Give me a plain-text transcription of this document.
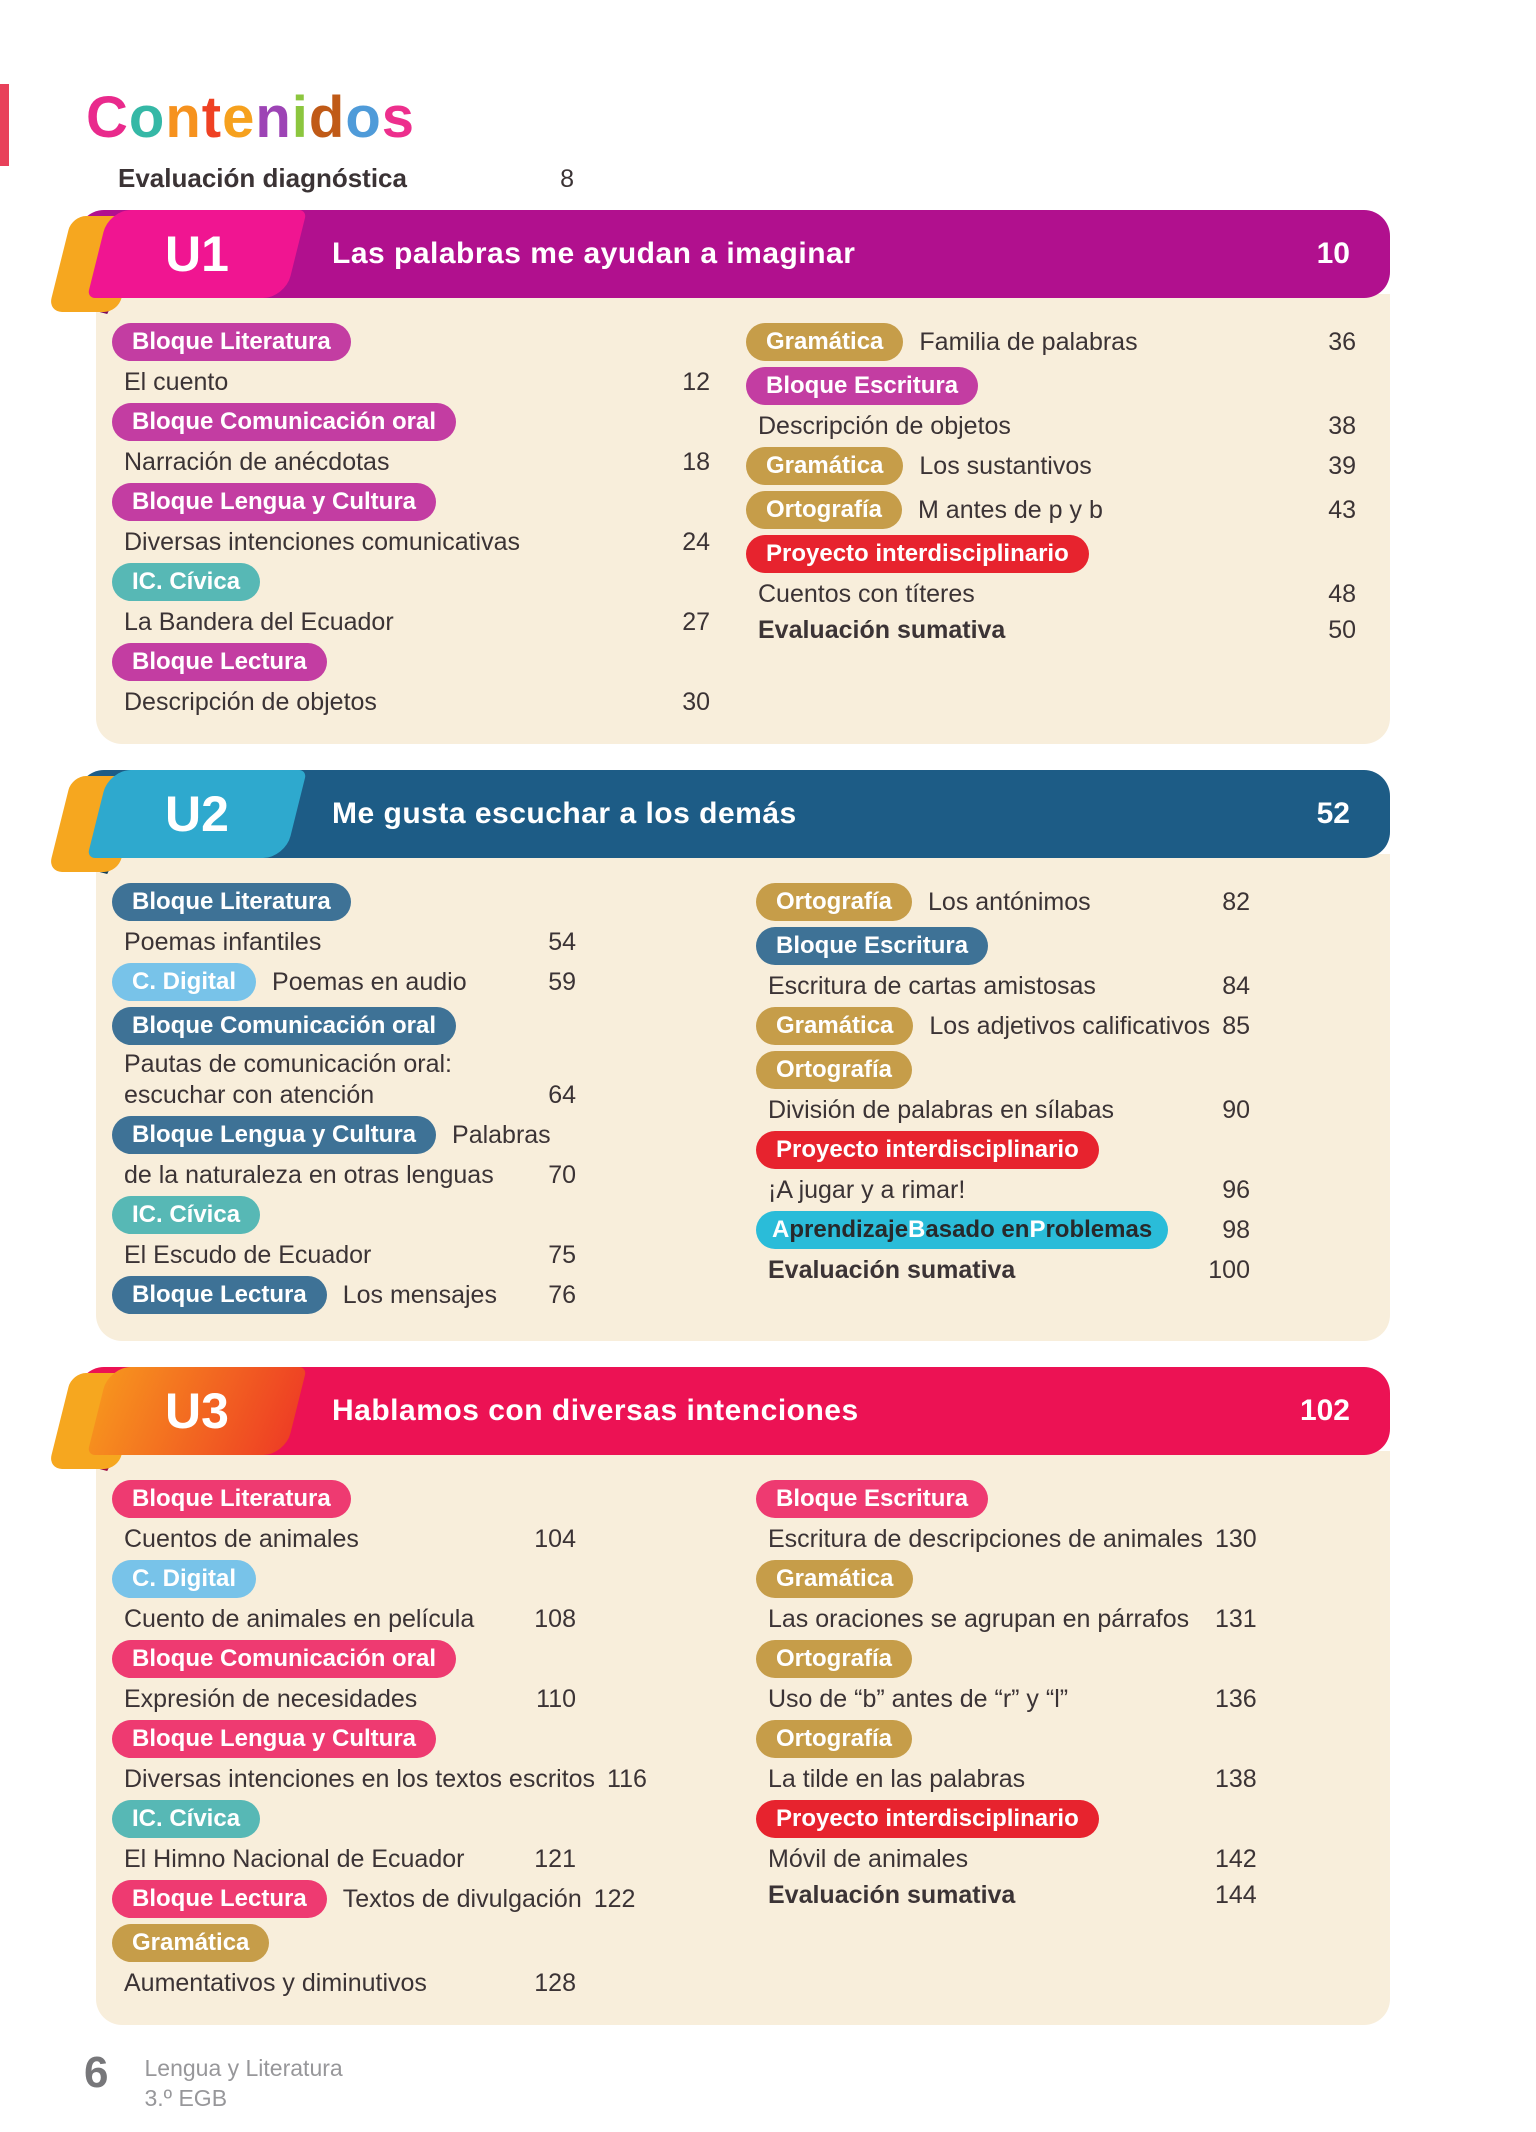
Contenidos
Evaluación diagnóstica	8
U1	Las palabras me ayudan a imaginar	10
Bloque Literatura
El cuento	12
Bloque Comunicación oral
Narración de anécdotas	18
Bloque Lengua y Cultura
Diversas intenciones comunicativas	24
IC. Cívica
La Bandera del Ecuador	27
Bloque Lectura
Descripción de objetos	30
Gramática	Familia de palabras	36
Bloque Escritura
Descripción de objetos	38
Gramática	Los sustantivos	39
Ortografía	M antes de p y b	43
Proyecto interdisciplinario
Cuentos con títeres	48
Evaluación sumativa	50
U2	Me gusta escuchar a los demás	52
Bloque Literatura
Poemas infantiles	54
C. Digital	Poemas en audio	59
Bloque Comunicación oral
Pautas de comunicación oral:
escuchar con atención	64
Bloque Lengua y Cultura	Palabras
de la naturaleza en otras lenguas	70
IC. Cívica
El Escudo de Ecuador	75
Bloque Lectura	Los mensajes	76
Ortografía	Los antónimos	82
Bloque Escritura
Escritura de cartas amistosas	84
Gramática	Los adjetivos calificativos 85
Ortografía
División de palabras en sílabas	90
Proyecto interdisciplinario
¡A jugar y a rimar!	96
A prendizaje B asado en P roblemas	98
Evaluación sumativa	100
U3	Hablamos con diversas intenciones	102
Bloque Literatura
Cuentos de animales	104
C. Digital
Cuento de animales en película	108
Bloque Comunicación oral
Expresión de necesidades	110
Bloque Lengua y Cultura
Diversas intenciones en los textos escritos 116
IC. Cívica
El Himno Nacional de Ecuador	121
Bloque Lectura	Textos de divulgación 122
Gramática
Aumentativos y diminutivos	128
Bloque Escritura
Escritura de descripciones de animales 130
Gramática
Las oraciones se agrupan en párrafos	131
Ortografía
Uso de “b” antes de “r” y “l”	136
Ortografía
La tilde en las palabras	138
Proyecto interdisciplinario
Móvil de animales	142
Evaluación sumativa	144
6 Lengua y Literatura
3.º EGB
